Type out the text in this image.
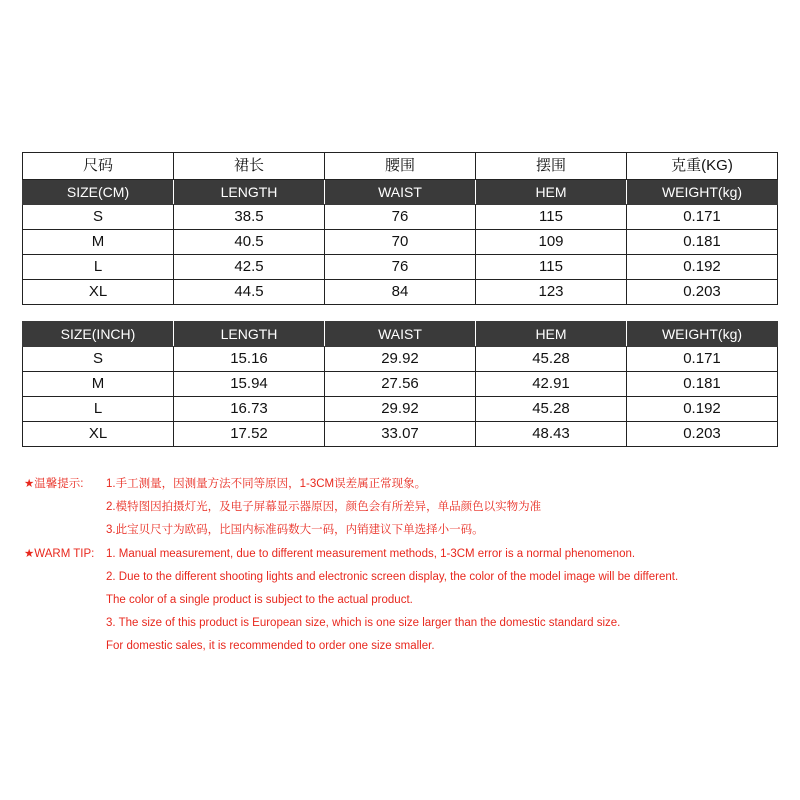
尺码	裙长	腰围	摆围	克重(KG)
SIZE(CM)	LENGTH	WAIST	HEM	WEIGHT(kg)
S	38.5	76	115	0.171
M	40.5	70	109	0.181
L	42.5	76	115	0.192
XL	44.5	84	123	0.203
SIZE(INCH)	LENGTH	WAIST	HEM	WEIGHT(kg)
S	15.16	29.92	45.28	0.171
M	15.94	27.56	42.91	0.181
L	16.73	29.92	45.28	0.192
XL	17.52	33.07	48.43	0.203
★温馨提示:	1.手工测量，因测量方法不同等原因，1-3CM误差属正常现象。
2.模特图因拍摄灯光，及电子屏幕显示器原因，颜色会有所差异，单品颜色以实物为准
3.此宝贝尺寸为欧码，比国内标准码数大一码，内销建议下单选择小一码。
★WARM TIP:	1. Manual measurement, due to different measurement methods, 1-3CM error is a normal phenomenon.
2. Due to the different shooting lights and electronic screen display, the color of the model image will be different.
The color of a single product is subject to the actual product.
3. The size of this product is European size, which is one size larger than the domestic standard size.
For domestic sales, it is recommended to order one size smaller.
